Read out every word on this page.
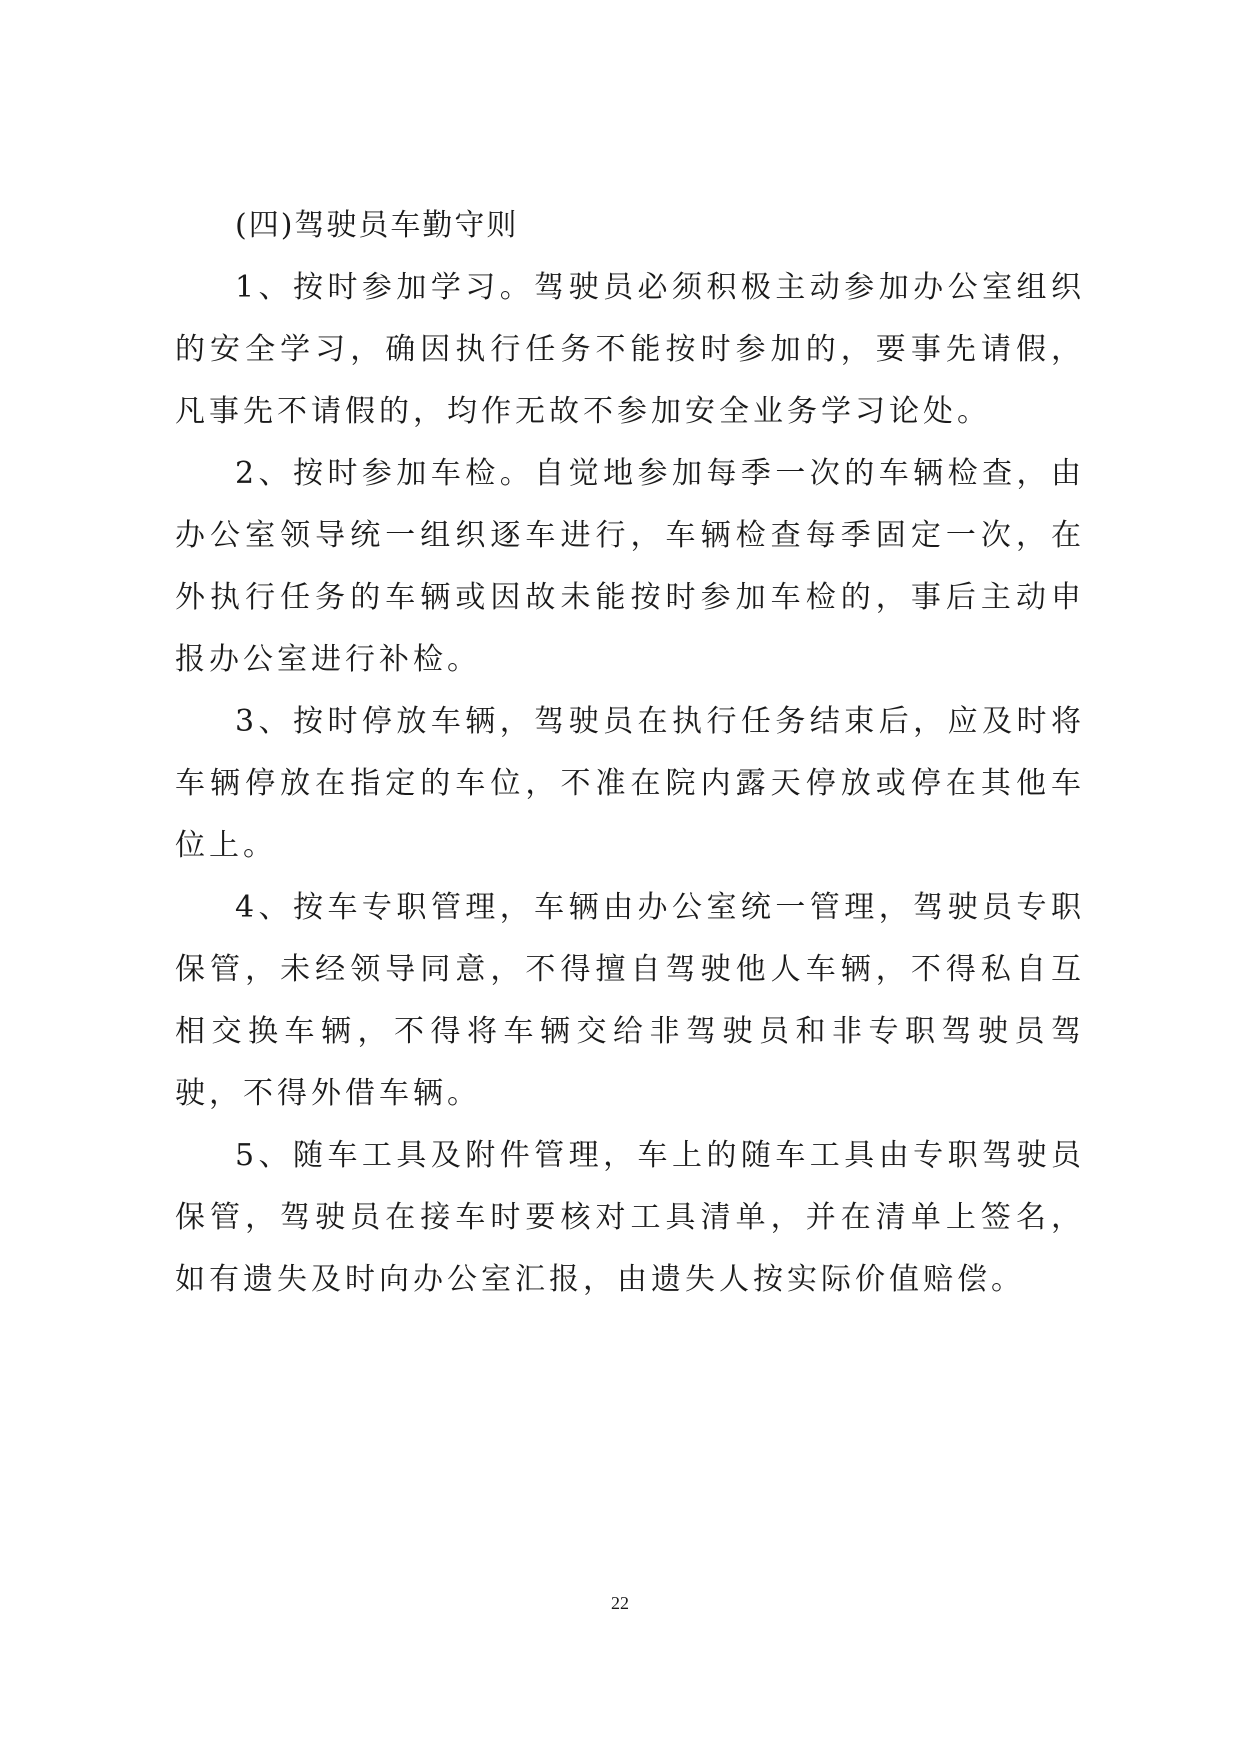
(四)驾驶员车勤守则

1、按时参加学习。驾驶员必须积极主动参加办公室组织的安全学习，确因执行任务不能按时参加的，要事先请假，凡事先不请假的，均作无故不参加安全业务学习论处。

2、按时参加车检。自觉地参加每季一次的车辆检查，由办公室领导统一组织逐车进行，车辆检查每季固定一次，在外执行任务的车辆或因故未能按时参加车检的，事后主动申报办公室进行补检。

3、按时停放车辆，驾驶员在执行任务结束后，应及时将车辆停放在指定的车位，不准在院内露天停放或停在其他车位上。

4、按车专职管理，车辆由办公室统一管理，驾驶员专职保管，未经领导同意，不得擅自驾驶他人车辆，不得私自互相交换车辆，不得将车辆交给非驾驶员和非专职驾驶员驾驶，不得外借车辆。

5、随车工具及附件管理，车上的随车工具由专职驾驶员保管，驾驶员在接车时要核对工具清单，并在清单上签名，如有遗失及时向办公室汇报，由遗失人按实际价值赔偿。

22
